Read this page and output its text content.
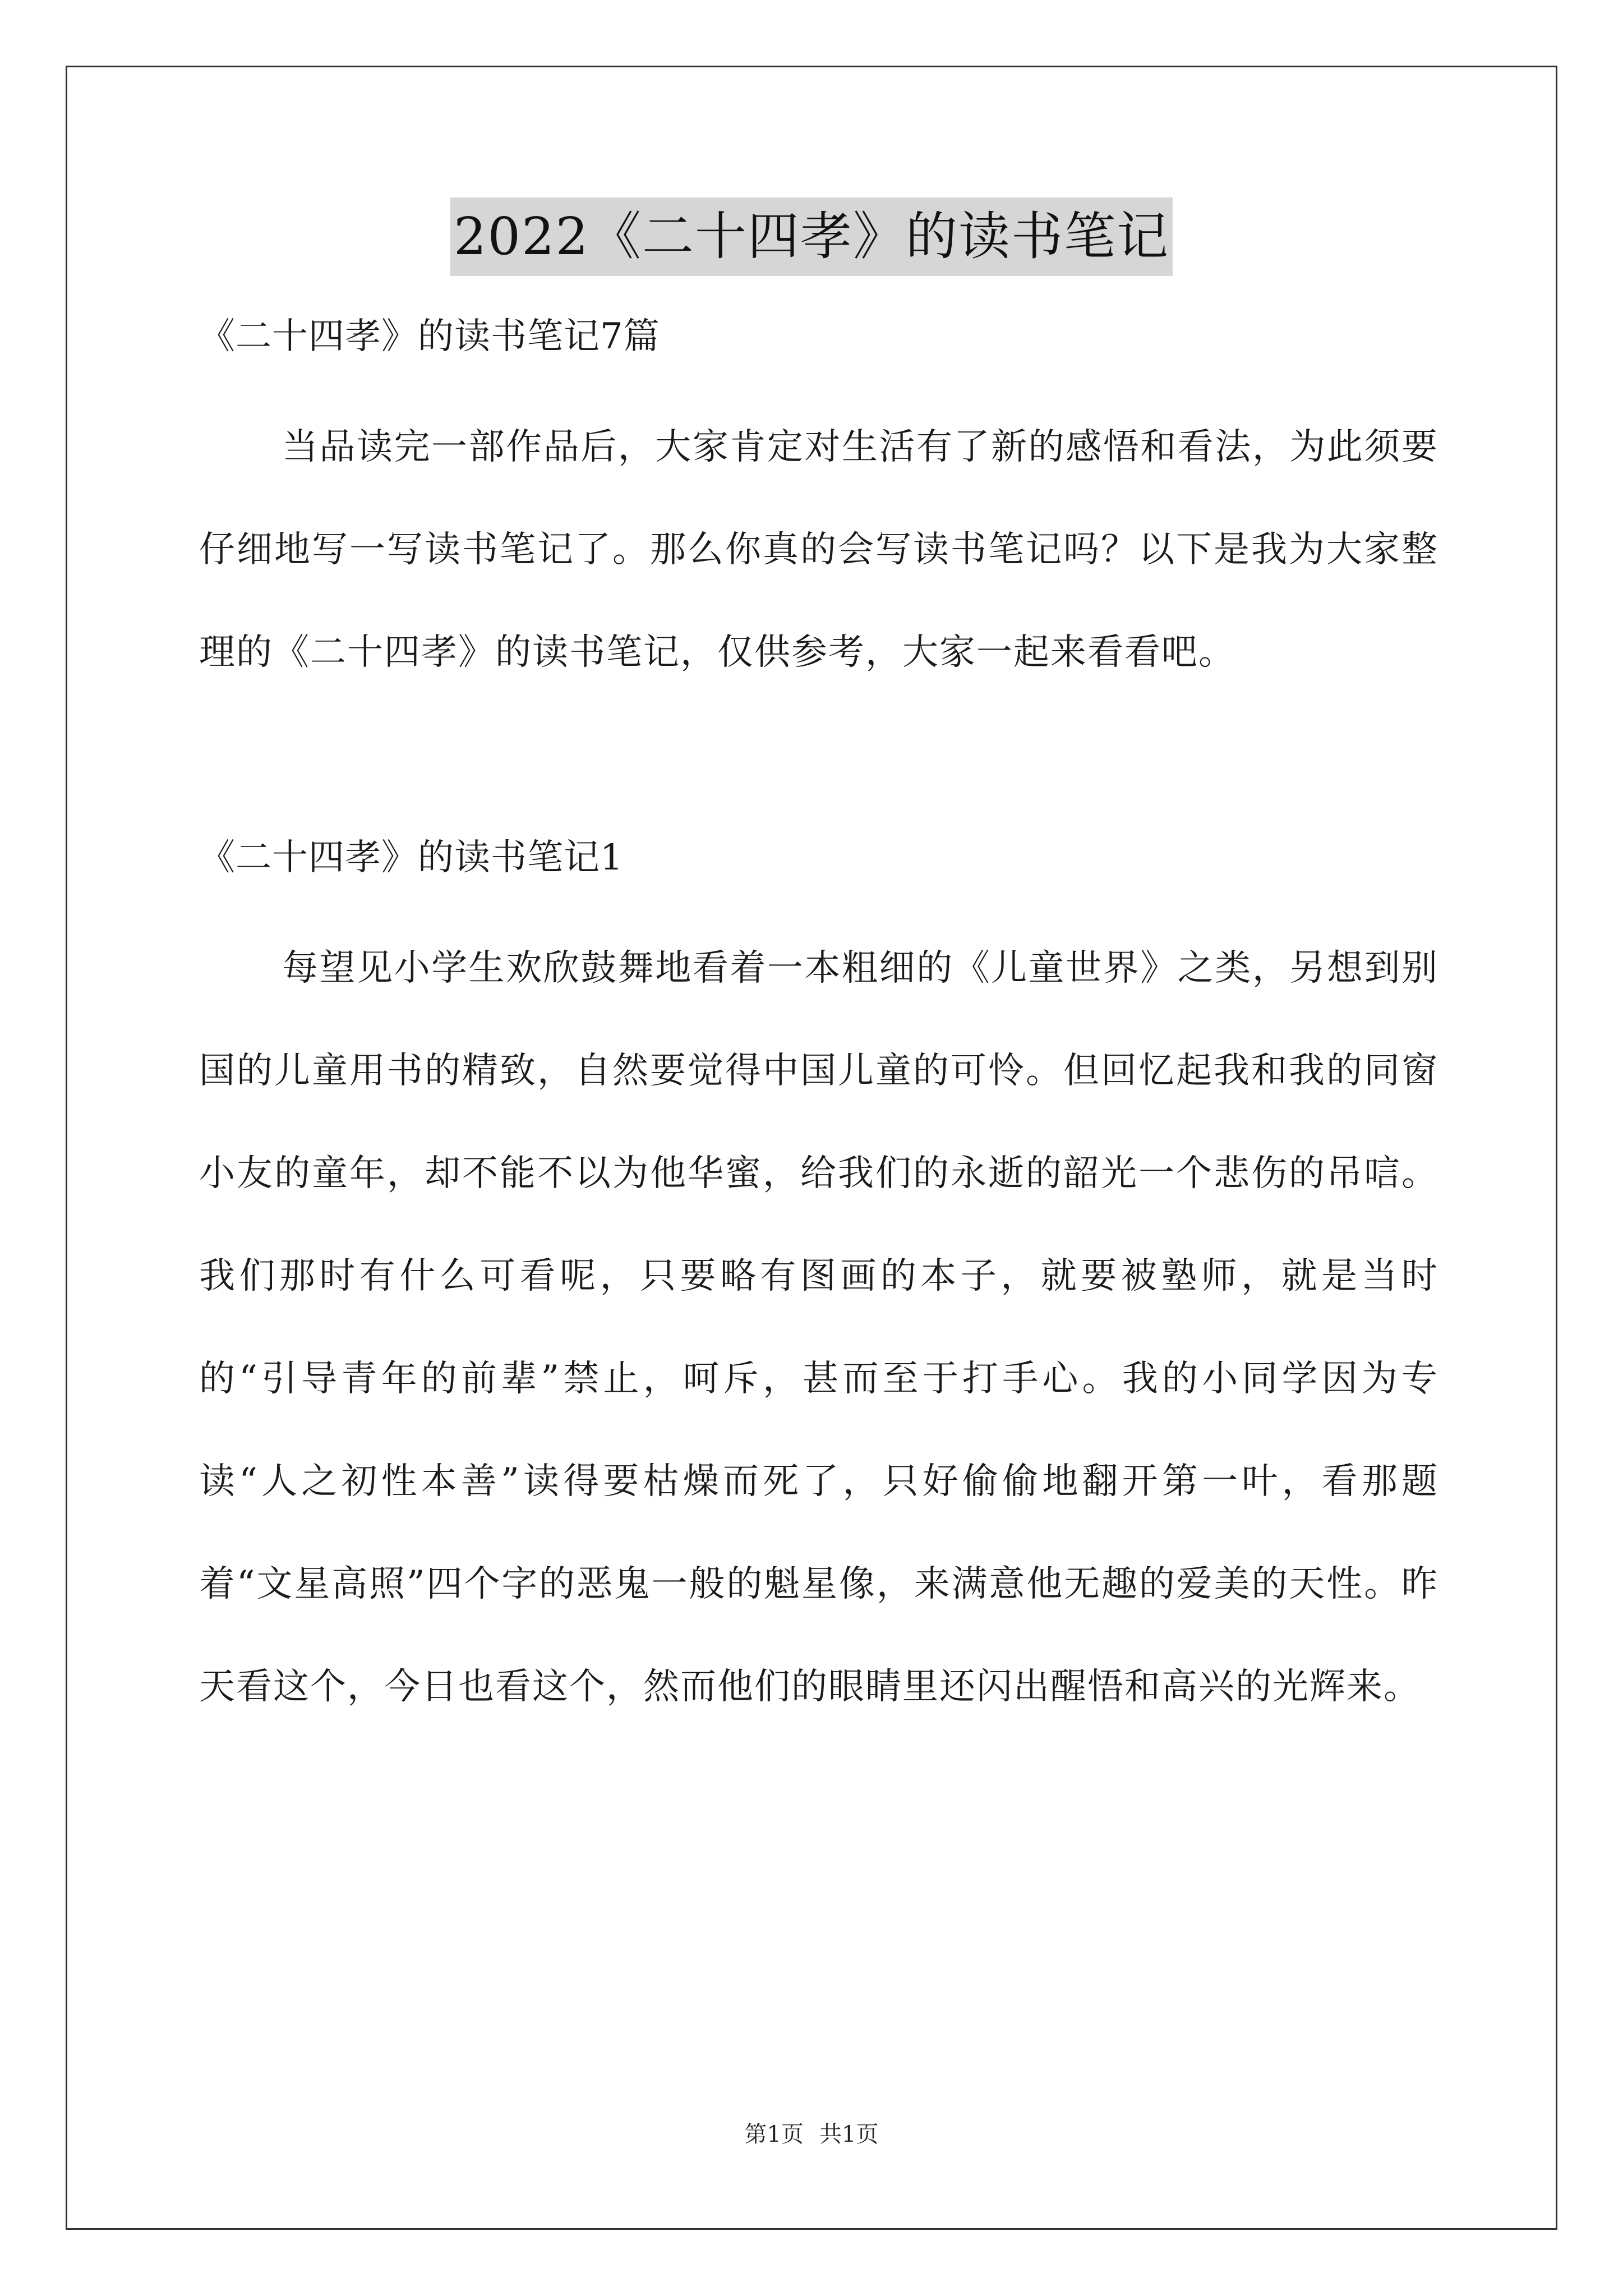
2022《二十四孝》的读书笔记

《二十四孝》的读书笔记7篇

当品读完一部作品后，大家肯定对生活有了新的感悟和看法，为此须要仔细地写一写读书笔记了。那么你真的会写读书笔记吗？以下是我为大家整理的《二十四孝》的读书笔记，仅供参考，大家一起来看看吧。

《二十四孝》的读书笔记1

每望见小学生欢欣鼓舞地看着一本粗细的《儿童世界》之类，另想到别国的儿童用书的精致，自然要觉得中国儿童的可怜。但回忆起我和我的同窗小友的童年，却不能不以为他华蜜，给我们的永逝的韶光一个悲伤的吊唁。我们那时有什么可看呢，只要略有图画的本子，就要被塾师，就是当时的“引导青年的前辈”禁止，呵斥，甚而至于打手心。我的小同学因为专读“人之初性本善”读得要枯燥而死了，只好偷偷地翻开第一叶，看那题着“文星高照”四个字的恶鬼一般的魁星像，来满意他无趣的爱美的天性。昨天看这个，今日也看这个，然而他们的眼睛里还闪出醒悟和高兴的光辉来。

第1页 共1页
